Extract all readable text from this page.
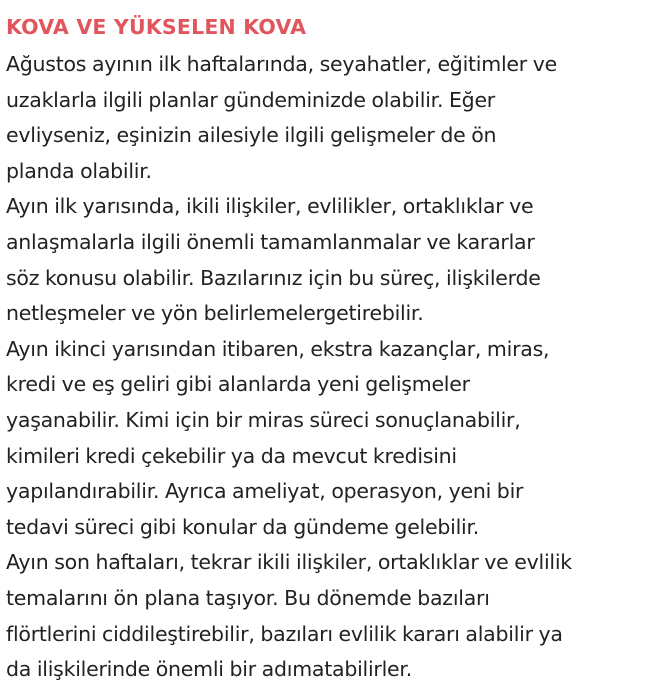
KOVA VE YÜKSELEN KOVA

Ağustos ayının ilk haftalarında, seyahatler, eğitimler ve
uzaklarla ilgili planlar gündeminizde olabilir. Eğer
evliyseniz, eşinizin ailesiyle ilgili gelişmeler de ön
planda olabilir.

Ayın ilk yarısında, ikili ilişkiler, evlilikler, ortaklıklar ve
anlaşmalarla ilgili önemli tamamlanmalar ve kararlar
söz konusu olabilir. Bazılarınız için bu süreç, ilişkilerde
netleşmeler ve yön belirlemelergetirebilir.

Ayın ikinci yarısından itibaren, ekstra kazançlar, miras,
kredi ve eş geliri gibi alanlarda yeni gelişmeler
yaşanabilir. Kimi için bir miras süreci sonuçlanabilir,
kimileri kredi çekebilir ya da mevcut kredisini
yapılandırabilir. Ayrıca ameliyat, operasyon, yeni bir
tedavi süreci gibi konular da gündeme gelebilir.

Ayın son haftaları, tekrar ikili ilişkiler, ortaklıklar ve evlilik
temalarını ön plana taşıyor. Bu dönemde bazıları
flörtlerini ciddileştirebilir, bazıları evlilik kararı alabilir ya
da ilişkilerinde önemli bir adımatabilirler.
